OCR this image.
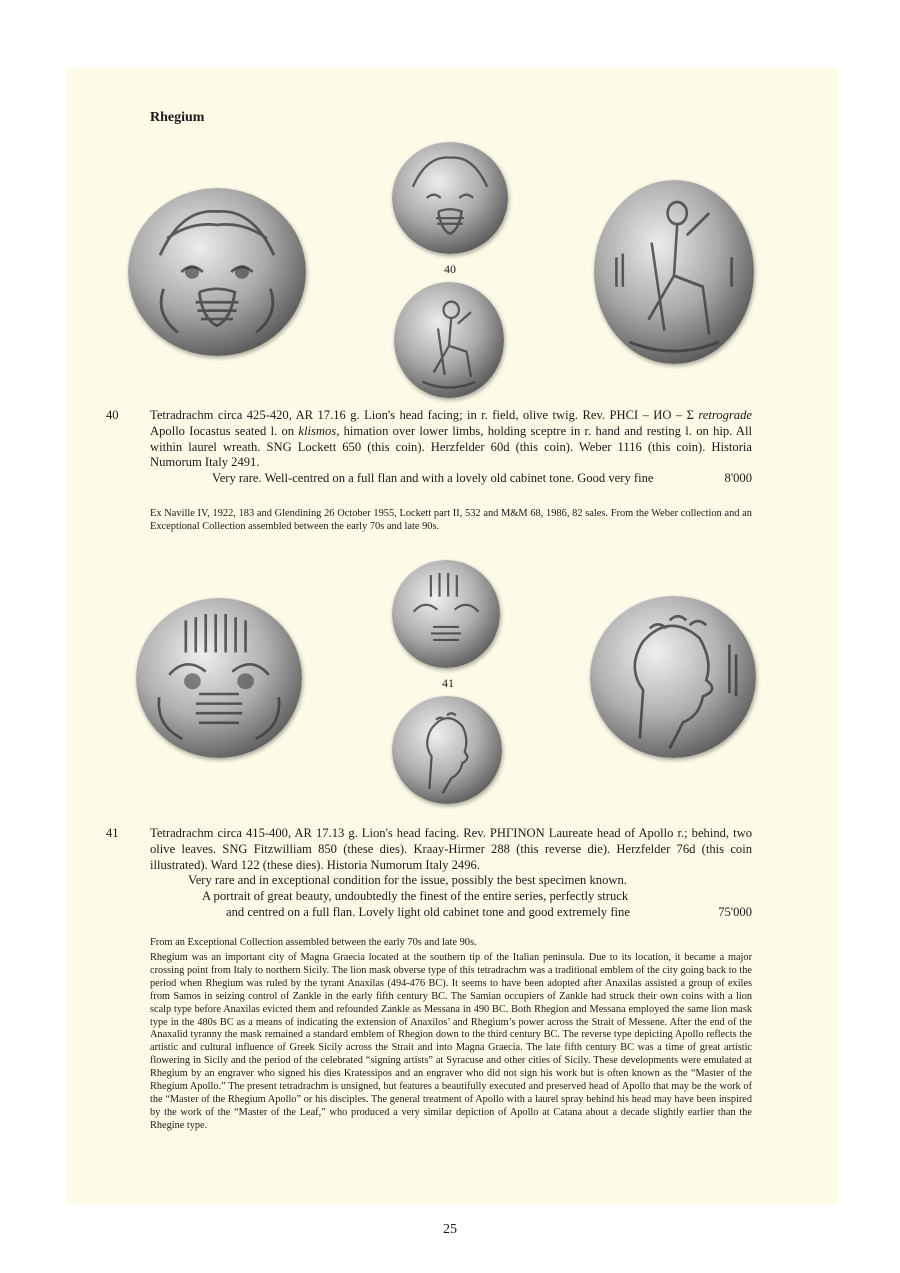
Rhegium
40
40 Tetradrachm circa 425-420, AR 17.16 g. Lion's head facing; in r. field, olive twig. Rev. ΡΗCΙ – ИО – Σ retrograde Apollo Iocastus seated l. on klismos, himation over lower limbs, holding sceptre in r. hand and resting l. on hip. All within laurel wreath. SNG Lockett 650 (this coin). Herzfelder 60d (this coin). Weber 1116 (this coin). Historia Numorum Italy 2491.
Very rare. Well-centred on a full flan and with a lovely old cabinet tone. Good very fine	8'000
Ex Naville IV, 1922, 183 and Glendining 26 October 1955, Lockett part II, 532 and M&M 68, 1986, 82 sales. From the Weber collection and an Exceptional Collection assembled between the early 70s and late 90s.
41
41 Tetradrachm circa 415-400, AR 17.13 g. Lion's head facing. Rev. ΡΗΓΙΝΟΝ Laureate head of Apollo r.; behind, two olive leaves. SNG Fitzwilliam 850 (these dies). Kraay-Hirmer 288 (this reverse die). Herzfelder 76d (this coin illustrated). Ward 122 (these dies). Historia Numorum Italy 2496.
Very rare and in exceptional condition for the issue, possibly the best specimen known.
A portrait of great beauty, undoubtedly the finest of the entire series, perfectly struck
and centred on a full flan. Lovely light old cabinet tone and good extremely fine	75'000
From an Exceptional Collection assembled between the early 70s and late 90s.
Rhegium was an important city of Magna Graecia located at the southern tip of the Italian peninsula. Due to its location, it became a major crossing point from Italy to northern Sicily. The lion mask obverse type of this tetradrachm was a traditional emblem of the city going back to the period when Rhegium was ruled by the tyrant Anaxilas (494-476 BC). It seems to have been adopted after Anaxilas assisted a group of exiles from Samos in seizing control of Zankle in the early fifth century BC. The Samian occupiers of Zankle had struck their own coins with a lion scalp type before Anaxilas evicted them and refounded Zankle as Messana in 490 BC. Both Rhegion and Messana employed the same lion mask type in the 480s BC as a means of indicating the extension of Anaxilos’ and Rhegium’s power across the Strait of Messene. After the end of the Anaxalid tyranny the mask remained a standard emblem of Rhegion down to the third century BC. The reverse type depicting Apollo reflects the artistic and cultural influence of Greek Sicily across the Strait and into Magna Graecia. The late fifth century BC was a time of great artistic flowering in Sicily and the period of the celebrated “signing artists” at Syracuse and other cities of Sicily. These developments were emulated at Rhegium by an engraver who signed his dies Kratessipos and an engraver who did not sign his work but is often known as the “Master of the Rhegium Apollo.” The present tetradrachm is unsigned, but features a beautifully executed and preserved head of Apollo that may be the work of the “Master of the Rhegium Apollo” or his disciples. The general treatment of Apollo with a laurel spray behind his head may have been inspired by the work of the “Master of the Leaf,” who produced a very similar depiction of Apollo at Catana about a decade slightly earlier than the Rhegine type.
25
